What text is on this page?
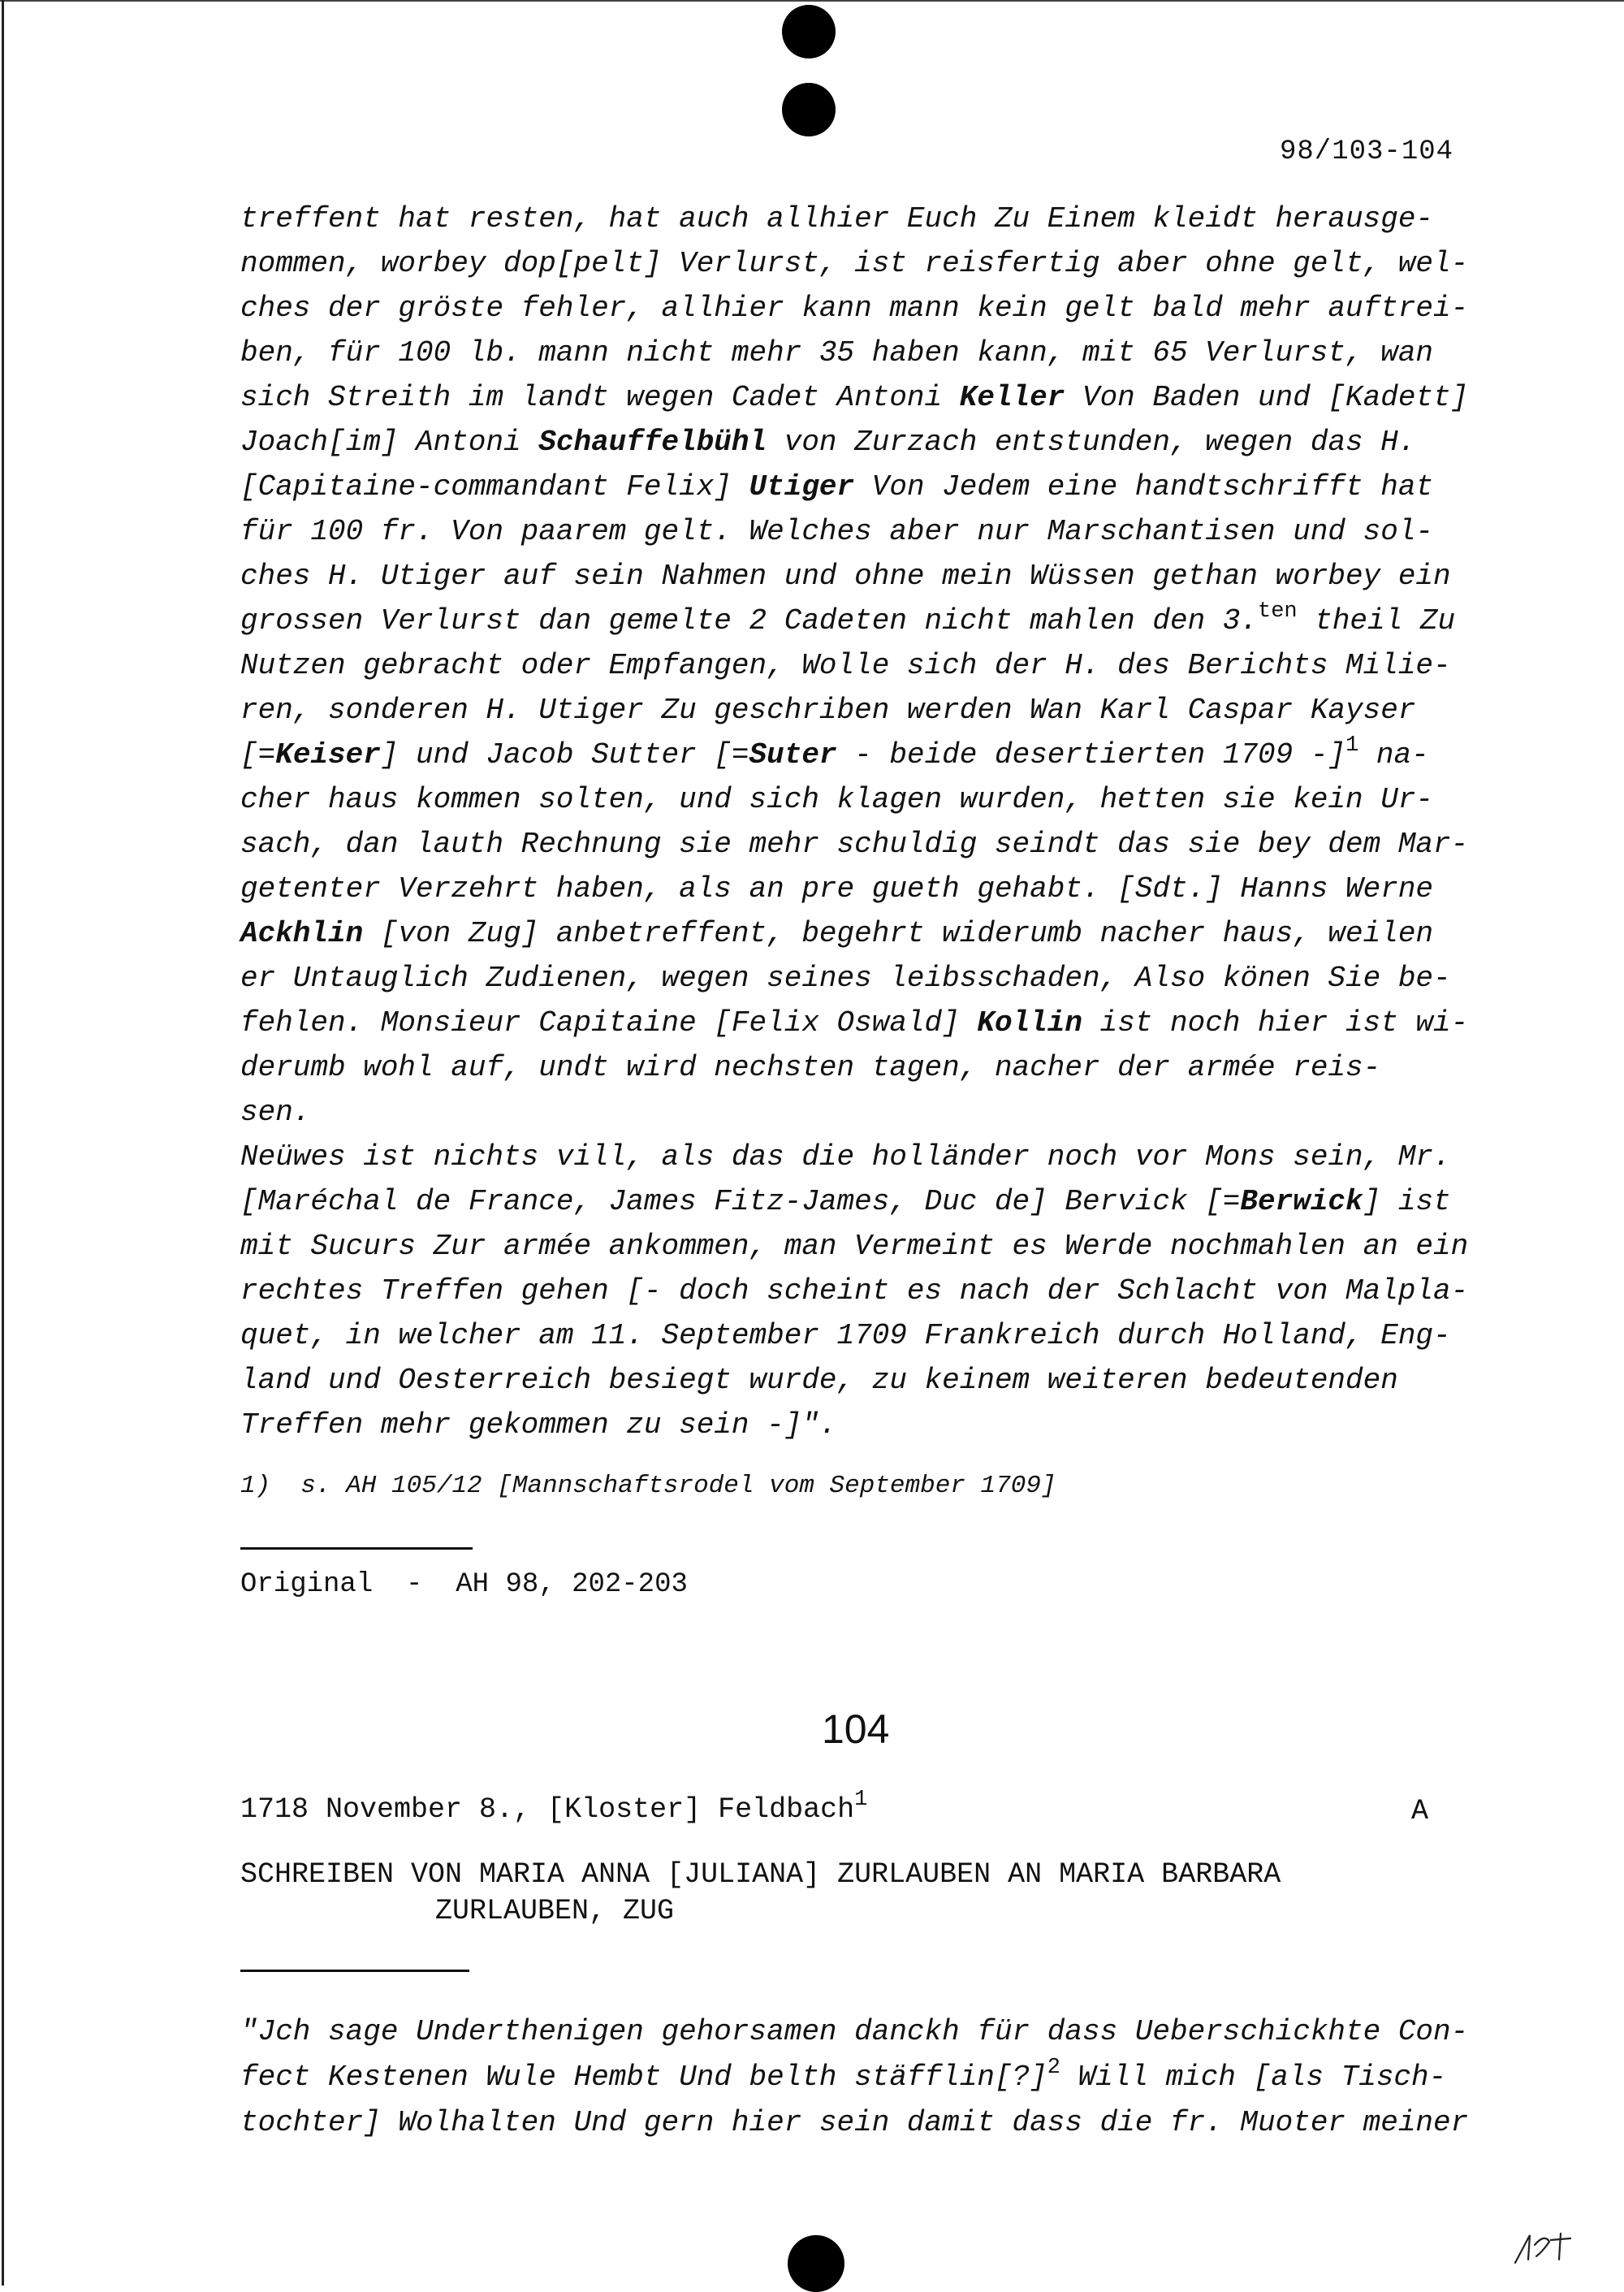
98/103-104
treffent hat resten, hat auch allhier Euch Zu Einem kleidt herausge-
nommen, worbey dop[pelt] Verlurst, ist reisfertig aber ohne gelt, wel-
ches der gröste fehler, allhier kann mann kein gelt bald mehr auftrei-
ben, für 100 lb. mann nicht mehr 35 haben kann, mit 65 Verlurst, wan
sich Streith im landt wegen Cadet Antoni Keller Von Baden und [Kadett]
Joach[im] Antoni Schauffelbühl von Zurzach entstunden, wegen das H.
[Capitaine-commandant Felix] Utiger Von Jedem eine handtschrifft hat
für 100 fr. Von paarem gelt. Welches aber nur Marschantisen und sol-
ches H. Utiger auf sein Nahmen und ohne mein Wüssen gethan worbey ein
grossen Verlurst dan gemelte 2 Cadeten nicht mahlen den 3.$^{ten}$ theil Zu
Nutzen gebracht oder Empfangen, Wolle sich der H. des Berichts Milie-
ren, sonderen H. Utiger Zu geschriben werden Wan Karl Caspar Kayser
[=Keiser] und Jacob Sutter [=Suter - beide desertierten 1709 -]$^1$ na-
cher haus kommen solten, und sich klagen wurden, hetten sie kein Ur-
sach, dan lauth Rechnung sie mehr schuldig seindt das sie bey dem Mar-
getenter Verzehrt haben, als an pre gueth gehabt. [Sdt.] Hanns Werne
Ackhlin [von Zug] anbetreffent, begehrt widerumb nacher haus, weilen
er Untauglich Zudienen, wegen seines leibsschaden, Also könen Sie be-
fehlen. Monsieur Capitaine [Felix Oswald] Kollin ist noch hier ist wi-
derumb wohl auf, undt wird nechsten tagen, nacher der armée reis-
sen.
Neüwes ist nichts vill, als das die holländer noch vor Mons sein, Mr.
[Maréchal de France, James Fitz-James, Duc de] Bervick [=Berwick] ist
mit Sucurs Zur armée ankommen, man Vermeint es Werde nochmahlen an ein
rechtes Treffen gehen [- doch scheint es nach der Schlacht von Malpla-
quet, in welcher am 11. September 1709 Frankreich durch Holland, Eng-
land und Oesterreich besiegt wurde, zu keinem weiteren bedeutenden
Treffen mehr gekommen zu sein -]".
1)  s. AH 105/12 [Mannschaftsrodel vom September 1709]
Original  -  AH 98, 202-203
104
1718 November 8., [Kloster] Feldbach$^1$	A
SCHREIBEN VON MARIA ANNA [JULIANA] ZURLAUBEN AN MARIA BARBARA
ZURLAUBEN, ZUG
"Jch sage Underthenigen gehorsamen danckh für dass Ueberschickhte Con-
fect Kestenen Wule Hembt Und belth stäfflin[?]$^2$ Will mich [als Tisch-
tochter] Wolhalten Und gern hier sein damit dass die fr. Muoter meiner
